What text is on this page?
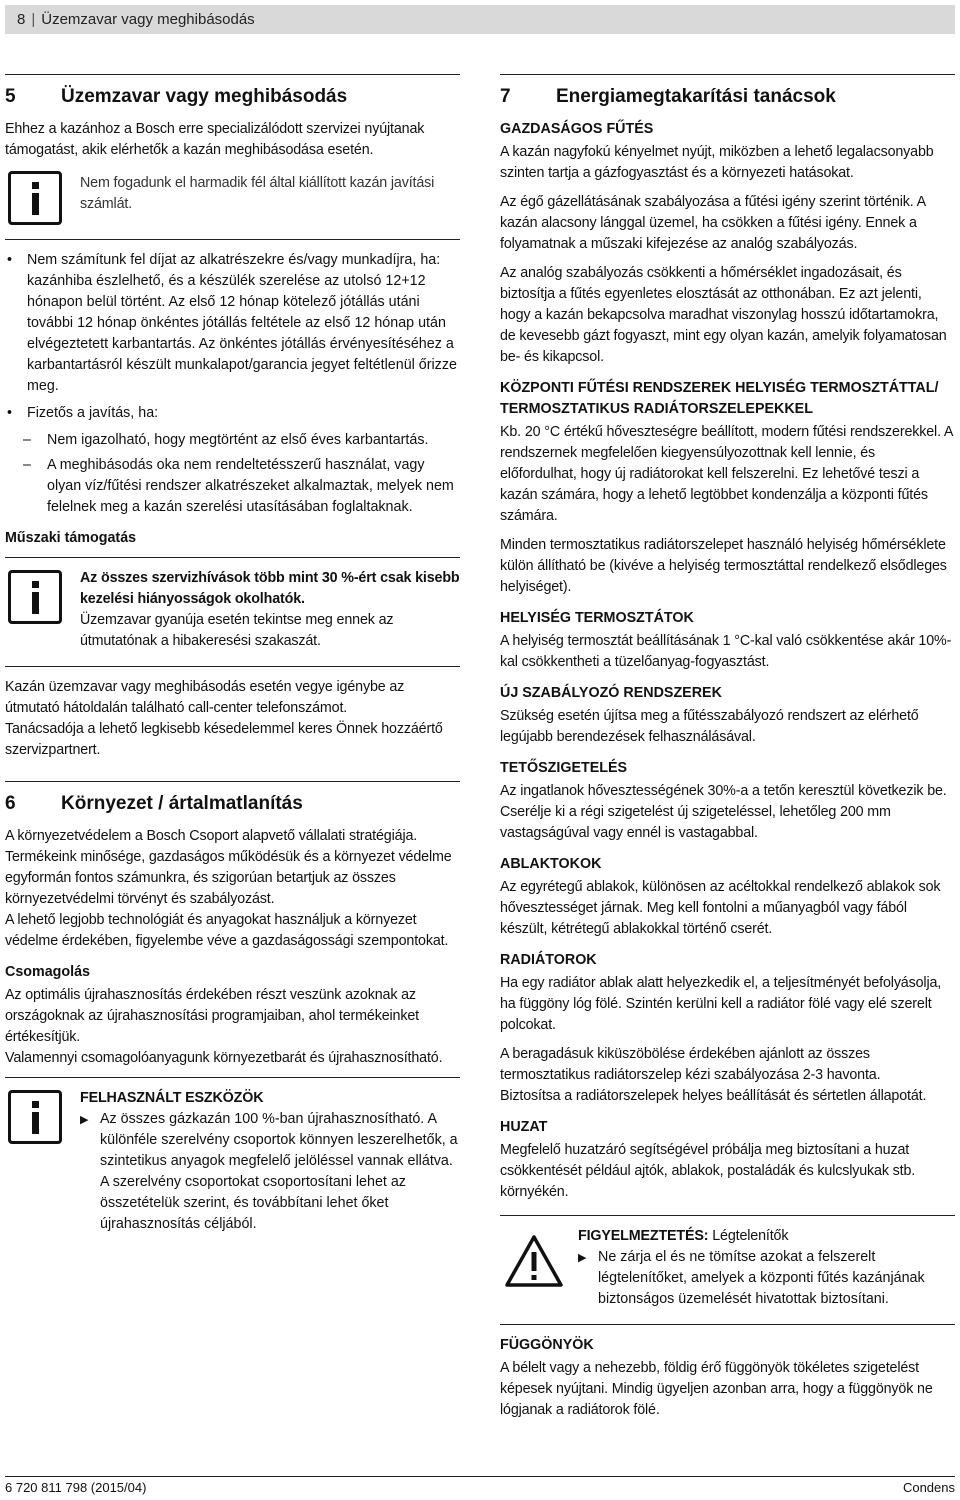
8 | Üzemzavar vagy meghibásodás
5 Üzemzavar vagy meghibásodás

Ehhez a kazánhoz a Bosch erre specializálódott szervizei nyújtanak támogatást, akik elérhetők a kazán meghibásodása esetén.

Nem fogadunk el harmadik fél által kiállított kazán javítási számlát.

• Nem számítunk fel díjat az alkatrészekre és/vagy munkadíjra, ha: kazánhiba észlelhető, és a készülék szerelése az utolsó 12+12 hónapon belül történt. Az első 12 hónap kötelező jótállás utáni további 12 hónap önkéntes jótállás feltétele az első 12 hónap után elvégeztetett karbantartás. Az önkéntes jótállás érvényesítéséhez a karbantartásról készült munkalapot/garancia jegyet feltétlenül őrizze meg.
• Fizetős a javítás, ha:
– Nem igazolható, hogy megtörtént az első éves karbantartás.
– A meghibásodás oka nem rendeltetésszerű használat, vagy olyan víz/fűtési rendszer alkatrészeket alkalmaztak, melyek nem felelnek meg a kazán szerelési utasításában foglaltaknak.
Műszaki támogatás

Az összes szervizhívások több mint 30 %-ért csak kisebb kezelési hiányosságok okolhatók.

Üzemzavar gyanúja esetén tekintse meg ennek az útmutatónak a hibakeresési szakaszát.

Kazán üzemzavar vagy meghibásodás esetén vegye igénybe az útmutató hátoldalán található call-center telefonszámot.

Tanácsadója a lehető legkisebb késedelemmel keres Önnek hozzáértő szervizpartnert.

6 Környezet / ártalmatlanítás

A környezetvédelem a Bosch Csoport alapvető vállalati stratégiája.

Termékeink minősége, gazdaságos működésük és a környezet védelme egyformán fontos számunkra, és szigorúan betartjuk az összes környezetvédelmi törvényt és szabályozást.

A lehető legjobb technológiát és anyagokat használjuk a környezet védelme érdekében, figyelembe véve a gazdaságossági szempontokat.

Csomagolás

Az optimális újrahasznosítás érdekében részt veszünk azoknak az országoknak az újrahasznosítási programjaiban, ahol termékeinket értékesítjük.

Valamennyi csomagolóanyagunk környezetbarát és újrahasznosítható.

FELHASZNÁLT ESZKÖZÖK

▶ Az összes gázkazán 100 %-ban újrahasznosítható. A különféle szerelvény csoportok könnyen leszerelhetők, a szintetikus anyagok megfelelő jelöléssel vannak ellátva. A szerelvény csoportokat csoportosítani lehet az összetételük szerint, és továbbítani lehet őket újrahasznosítás céljából.
7 Energiamegtakarítási tanácsok
GAZDASÁGOS FŰTÉS

A kazán nagyfokú kényelmet nyújt, miközben a lehető legalacsonyabb szinten tartja a gázfogyasztást és a környezeti hatásokat.

Az égő gázellátásának szabályozása a fűtési igény szerint történik. A kazán alacsony lánggal üzemel, ha csökken a fűtési igény. Ennek a folyamatnak a műszaki kifejezése az analóg szabályozás.

Az analóg szabályozás csökkenti a hőmérséklet ingadozásait, és biztosítja a fűtés egyenletes elosztását az otthonában. Ez azt jelenti, hogy a kazán bekapcsolva maradhat viszonylag hosszú időtartamokra, de kevesebb gázt fogyaszt, mint egy olyan kazán, amelyik folyamatosan be- és kikapcsol.

KÖZPONTI FŰTÉSI RENDSZEREK HELYISÉG TERMOSZTÁTTAL/ TERMOSZTATIKUS RADIÁTORSZELEPEKKEL

Kb. 20 °C értékű hőveszteségre beállított, modern fűtési rendszerekkel. A rendszernek megfelelően kiegyensúlyozottnak kell lennie, és előfordulhat, hogy új radiátorokat kell felszerelni. Ez lehetővé teszi a kazán számára, hogy a lehető legtöbbet kondenzálja a központi fűtés számára.

Minden termosztatikus radiátorszelepet használó helyiség hőmérséklete külön állítható be (kivéve a helyiség termosztáttal rendelkező elsődleges helyiséget).

HELYISÉG TERMOSZTÁTOK

A helyiség termosztát beállításának 1 °C-kal való csökkentése akár 10%-kal csökkentheti a tüzelőanyag-fogyasztást.

ÚJ SZABÁLYOZÓ RENDSZEREK

Szükség esetén újítsa meg a fűtésszabályozó rendszert az elérhető legújabb berendezések felhasználásával.

TETŐSZIGETELÉS

Az ingatlanok hővesztességének 30%-a a tetőn keresztül következik be. Cserélje ki a régi szigetelést új szigeteléssel, lehetőleg 200 mm vastagságúval vagy ennél is vastagabbal.

ABLAKTOKOK

Az egyrétegű ablakok, különösen az acéltokkal rendelkező ablakok sok hővesztességet járnak. Meg kell fontolni a műanyagból vagy fából készült, kétrétegű ablakokkal történő cserét.

RADIÁTOROK

Ha egy radiátor ablak alatt helyezkedik el, a teljesítményét befolyásolja, ha függöny lóg fölé. Szintén kerülni kell a radiátor fölé vagy elé szerelt polcokat.

A beragadásuk kiküszöbölése érdekében ajánlott az összes termosztatikus radiátorszelep kézi szabályozása 2-3 havonta.

Biztosítsa a radiátorszelepek helyes beállítását és sértetlen állapotát.

HUZAT

Megfelelő huzatzáró segítségével próbálja meg biztosítani a huzat csökkentését például ajtók, ablakok, postaládák és kulcslyukak stb. környékén.

FIGYELMEZTETÉS: Légtelenítők

▶ Ne zárja el és ne tömítse azokat a felszerelt légtelenítőket, amelyek a központi fűtés kazánjának biztonságos üzemelését hivatottak biztosítani.
FÜGGÖNYÖK

A bélelt vagy a nehezebb, földig érő függönyök tökéletes szigetelést képesek nyújtani. Mindig ügyeljen azonban arra, hogy a függönyök ne lógjanak a radiátorok fölé.

6 720 811 798 (2015/04)	Condens
